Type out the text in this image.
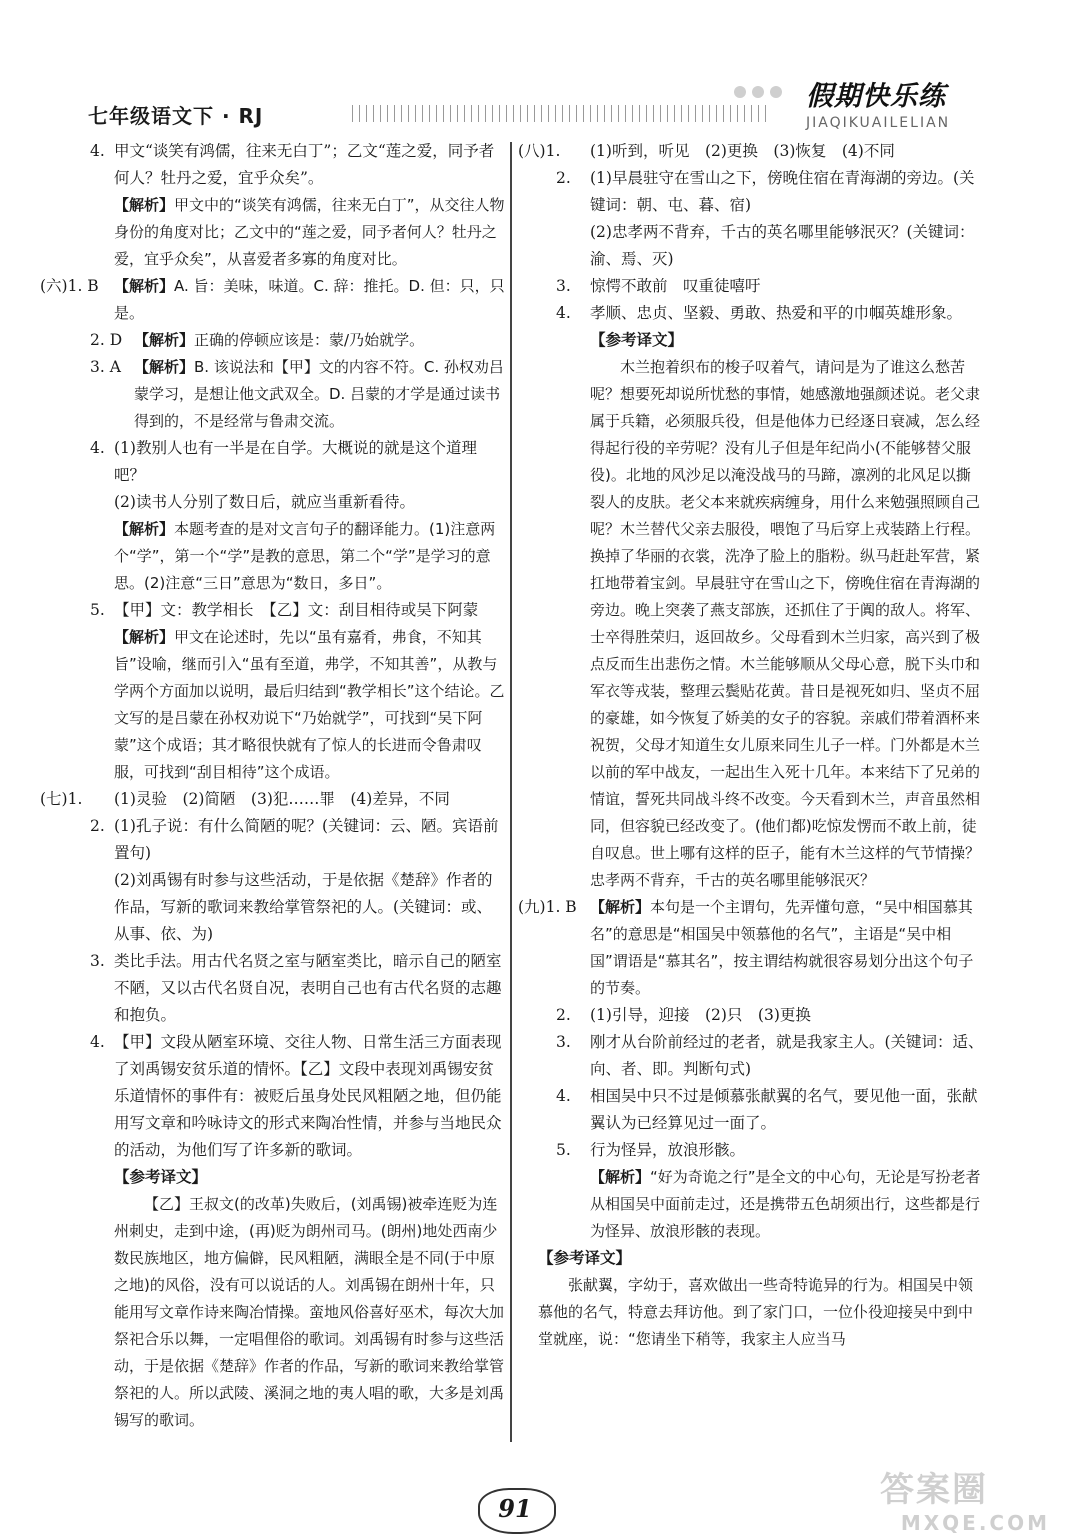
七年级语文下 · RJ
假期快乐练
JIAQIKUAILELIAN
4. 甲文“谈笑有鸿儒，往来无白丁”；乙文“莲之爱，同予者何人？牡丹之爱，宜乎众矣”。
【解析】甲文中的“谈笑有鸿儒，往来无白丁”，从交往人物身份的角度对比；乙文中的“莲之爱，同予者何人？牡丹之爱，宜乎众矣”，从喜爱者多寡的角度对比。
(六)1. B	【解析】A. 旨：美味，味道。C. 辞：推托。D. 但：只，只是。
2. D 【解析】正确的停顿应该是：蒙/乃始就学。
3. A 【解析】B. 该说法和【甲】文的内容不符。C. 孙权劝吕蒙学习，是想让他文武双全。D. 吕蒙的才学是通过读书得到的，不是经常与鲁肃交流。
4. (1)教别人也有一半是在自学。大概说的就是这个道理吧？
(2)读书人分别了数日后，就应当重新看待。
【解析】本题考查的是对文言句子的翻译能力。(1)注意两个“学”，第一个“学”是教的意思，第二个“学”是学习的意思。(2)注意“三日”意思为“数日，多日”。
5. 【甲】文：教学相长　【乙】文：刮目相待或吴下阿蒙
【解析】甲文在论述时，先以“虽有嘉肴，弗食，不知其旨”设喻，继而引入“虽有至道，弗学，不知其善”，从教与学两个方面加以说明，最后归结到“教学相长”这个结论。乙文写的是吕蒙在孙权劝说下“乃始就学”，可找到“吴下阿蒙”这个成语；其才略很快就有了惊人的长进而令鲁肃叹服，可找到“刮目相待”这个成语。
(七)1.	(1)灵验　(2)简陋　(3)犯……罪　(4)差异，不同
2. (1)孔子说：有什么简陋的呢？(关键词：云、陋。宾语前置句)
(2)刘禹锡有时参与这些活动，于是依据《楚辞》作者的作品，写新的歌词来教给掌管祭祀的人。(关键词：或、从事、依、为)
3. 类比手法。用古代名贤之室与陋室类比，暗示自己的陋室不陋，又以古代名贤自况，表明自己也有古代名贤的志趣和抱负。
4. 【甲】文段从陋室环境、交往人物、日常生活三方面表现了刘禹锡安贫乐道的情怀。【乙】文段中表现刘禹锡安贫乐道情怀的事件有：被贬后虽身处民风粗陋之地，但仍能用写文章和吟咏诗文的形式来陶冶性情，并参与当地民众的活动，为他们写了许多新的歌词。
【参考译文】
【乙】王叔文(的改革)失败后，(刘禹锡)被牵连贬为连州刺史，走到中途，(再)贬为朗州司马。(朗州)地处西南少数民族地区，地方偏僻，民风粗陋，满眼全是不同(于中原之地)的风俗，没有可以说话的人。刘禹锡在朗州十年，只能用写文章作诗来陶冶情操。蛮地风俗喜好巫术，每次大加祭祀合乐以舞，一定唱俚俗的歌词。刘禹锡有时参与这些活动，于是依据《楚辞》作者的作品，写新的歌词来教给掌管祭祀的人。所以武陵、溪洞之地的夷人唱的歌，大多是刘禹锡写的歌词。
(八)1.	(1)听到，听见　(2)更换　(3)恢复　(4)不同
2.	(1)早晨驻守在雪山之下，傍晚住宿在青海湖的旁边。(关键词：朝、屯、暮、宿)
(2)忠孝两不背弃，千古的英名哪里能够泯灭？(关键词：渝、焉、灭)
3.	惊愕不敢前　叹重徒嘻吁
4.	孝顺、忠贞、坚毅、勇敢、热爱和平的巾帼英雄形象。
【参考译文】
木兰抱着织布的梭子叹着气，请问是为了谁这么愁苦呢？想要死却说所忧愁的事情，她感激地强颜述说。老父隶属于兵籍，必须服兵役，但是他体力已经逐日衰减，怎么经得起行役的辛劳呢？没有儿子但是年纪尚小(不能够替父服役)。北地的风沙足以淹没战马的马蹄，凛冽的北风足以撕裂人的皮肤。老父本来就疾病缠身，用什么来勉强照顾自己呢？木兰替代父亲去服役，喂饱了马后穿上戎装踏上行程。换掉了华丽的衣裳，洗净了脸上的脂粉。纵马赶赴军营，紧扛地带着宝剑。早晨驻守在雪山之下，傍晚住宿在青海湖的旁边。晚上突袭了燕支部族，还抓住了于阗的敌人。将军、士卒得胜荣归，返回故乡。父母看到木兰归家，高兴到了极点反而生出悲伤之情。木兰能够顺从父母心意，脱下头巾和军衣等戎装，整理云鬓贴花黄。昔日是视死如归、坚贞不屈的豪雄，如今恢复了娇美的女子的容貌。亲戚们带着酒杯来祝贺，父母才知道生女儿原来同生儿子一样。门外都是木兰以前的军中战友，一起出生入死十几年。本来结下了兄弟的情谊，誓死共同战斗终不改变。今天看到木兰，声音虽然相同，但容貌已经改变了。(他们都)吃惊发愣而不敢上前，徒自叹息。世上哪有这样的臣子，能有木兰这样的气节情操？忠孝两不背弃，千古的英名哪里能够泯灭？
(九)1. B 【解析】本句是一个主谓句，先弄懂句意，“吴中相国慕其名”的意思是“相国吴中领慕他的名气”，主语是“吴中相国”谓语是“慕其名”，按主谓结构就很容易划分出这个句子的节奏。
2.	(1)引导，迎接　(2)只　(3)更换
3.	刚才从台阶前经过的老者，就是我家主人。(关键词：适、向、者、即。判断句式)
4.	相国吴中只不过是倾慕张献翼的名气，要见他一面，张献翼认为已经算见过一面了。
5.	行为怪异，放浪形骸。
【解析】“好为奇诡之行”是全文的中心句，无论是写扮老者从相国吴中面前走过，还是携带五色胡须出行，这些都是行为怪异、放浪形骸的表现。
【参考译文】
张献翼，字幼于，喜欢做出一些奇特诡异的行为。相国吴中领慕他的名气，特意去拜访他。到了家门口，一位仆役迎接吴中到中堂就座，说：“您请坐下稍等，我家主人应当马
91	答案圈
MXQE.COM
